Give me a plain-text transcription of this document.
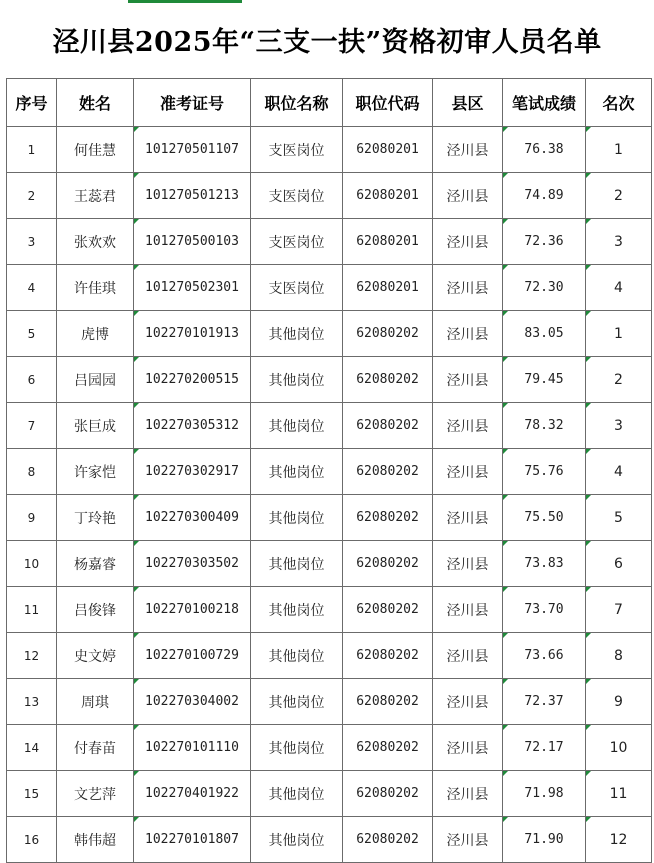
泾川县2025年“三支一扶”资格初审人员名单
序号	姓名	准考证号	职位名称	职位代码	县区	笔试成绩	名次
1	何佳慧	101270501107	支医岗位	62080201	泾川县	76.38	1
2	王蕊君	101270501213	支医岗位	62080201	泾川县	74.89	2
3	张欢欢	101270500103	支医岗位	62080201	泾川县	72.36	3
4	许佳琪	101270502301	支医岗位	62080201	泾川县	72.30	4
5	虎博	102270101913	其他岗位	62080202	泾川县	83.05	1
6	吕园园	102270200515	其他岗位	62080202	泾川县	79.45	2
7	张巨成	102270305312	其他岗位	62080202	泾川县	78.32	3
8	许家恺	102270302917	其他岗位	62080202	泾川县	75.76	4
9	丁玲艳	102270300409	其他岗位	62080202	泾川县	75.50	5
10	杨嘉睿	102270303502	其他岗位	62080202	泾川县	73.83	6
11	吕俊锋	102270100218	其他岗位	62080202	泾川县	73.70	7
12	史文婷	102270100729	其他岗位	62080202	泾川县	73.66	8
13	周琪	102270304002	其他岗位	62080202	泾川县	72.37	9
14	付春苗	102270101110	其他岗位	62080202	泾川县	72.17	10
15	文艺萍	102270401922	其他岗位	62080202	泾川县	71.98	11
16	韩伟超	102270101807	其他岗位	62080202	泾川县	71.90	12
